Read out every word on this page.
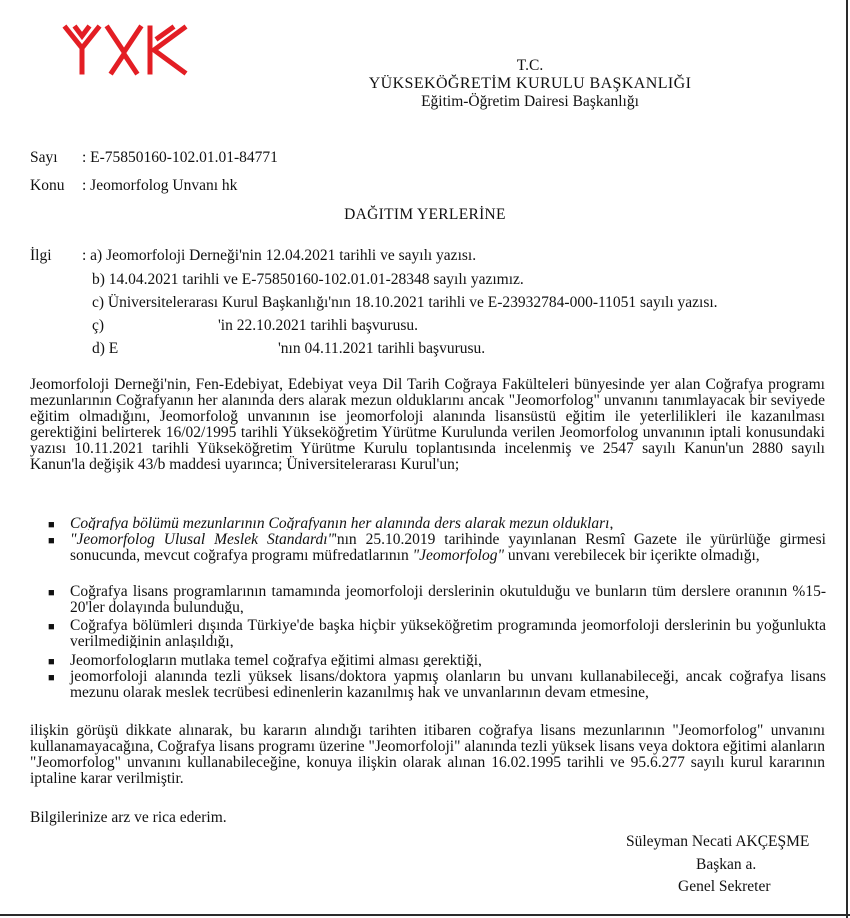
T.C.
YÜKSEKÖĞRETİM KURULU BAŞKANLIĞI
Eğitim-Öğretim Dairesi Başkanlığı
Sayı : E-75850160-102.01.01-84771
Konu : Jeomorfolog Unvanı hk
DAĞITIM YERLERİNE
İlgi : a) Jeomorfoloji Derneği'nin 12.04.2021 tarihli ve sayılı yazısı.
b) 14.04.2021 tarihli ve E-75850160-102.01.01-28348 sayılı yazımız.
c) Üniversitelerarası Kurul Başkanlığı'nın 18.10.2021 tarihli ve E-23932784-000-11051 sayılı yazısı.
ç)	'in 22.10.2021 tarihli başvurusu.
d) E	'nın 04.11.2021 tarihli başvurusu.
Jeomorfoloji Derneği'nin, Fen-Edebiyat, Edebiyat veya Dil Tarih Coğraya Fakülteleri bünyesinde yer alan Coğrafya programı mezunlarının Coğrafyanın her alanında ders alarak mezun olduklarını ancak "Jeomorfolog" unvanını tanımlayacak bir seviyede eğitim olmadığını, Jeomorfoloğ unvanının ise jeomorfoloji alanında lisansüstü eğitim ile yeterlilikleri ile kazanılması gerektiğini belirterek 16/02/1995 tarihli Yükseköğretim Yürütme Kurulunda verilen Jeomorfolog unvanının iptali konusundaki yazısı 10.11.2021 tarihli Yükseköğretim Yürütme Kurulu toplantısında incelenmiş ve 2547 sayılı Kanun'un 2880 sayılı Kanun'la değişik 43/b maddesi uyarınca; Üniversitelerarası Kurul'un;
■ Coğrafya bölümü mezunlarının Coğrafyanın her alanında ders alarak mezun oldukları,
■ "Jeomorfolog Ulusal Meslek Standardı"'nın 25.10.2019 tarihinde yayınlanan Resmî Gazete ile yürürlüğe girmesi sonucunda, mevcut coğrafya programı müfredatlarının "Jeomorfolog" unvanı verebilecek bir içerikte olmadığı,
■ Coğrafya lisans programlarının tamamında jeomorfoloji derslerinin okutulduğu ve bunların tüm derslere oranının %15-20'ler dolayında bulunduğu,
■ Coğrafya bölümleri dışında Türkiye'de başka hiçbir yükseköğretim programında jeomorfoloji derslerinin bu yoğunlukta verilmediğinin anlaşıldığı,
■ Jeomorfologların mutlaka temel coğrafya eğitimi alması gerektiği,
■ jeomorfoloji alanında tezli yüksek lisans/doktora yapmış olanların bu unvanı kullanabileceği, ancak coğrafya lisans mezunu olarak meslek tecrübesi edinenlerin kazanılmış hak ve unvanlarının devam etmesine,
ilişkin görüşü dikkate alınarak, bu kararın alındığı tarihten itibaren coğrafya lisans mezunlarının "Jeomorfolog" unvanını kullanamayacağına, Coğrafya lisans programı üzerine "Jeomorfoloji" alanında tezli yüksek lisans veya doktora eğitimi alanların "Jeomorfolog" unvanını kullanabileceğine, konuya ilişkin olarak alınan 16.02.1995 tarihli ve 95.6.277 sayılı kurul kararının iptaline karar verilmiştir.
Bilgilerinize arz ve rica ederim.
Süleyman Necati AKÇEŞME
Başkan a.
Genel Sekreter
